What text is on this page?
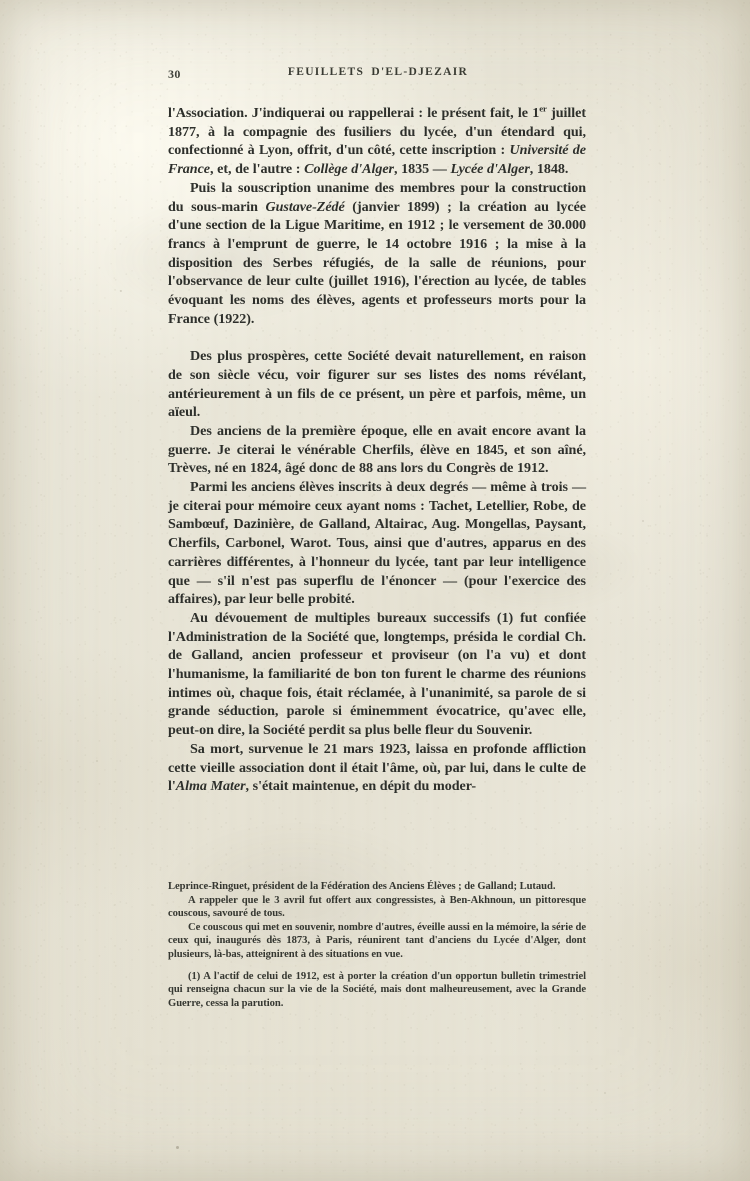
30	FEUILLETS D'EL-DJEZAIR

l'Association. J'indiquerai ou rappellerai : le présent fait, le 1er juillet 1877, à la compagnie des fusiliers du lycée, d'un étendard qui, confectionné à Lyon, offrit, d'un côté, cette inscription : Université de France, et, de l'autre : Collège d'Alger, 1835 — Lycée d'Alger, 1848.

Puis la souscription unanime des membres pour la construction du sous-marin Gustave-Zédé (janvier 1899) ; la création au lycée d'une section de la Ligue Maritime, en 1912 ; le versement de 30.000 francs à l'emprunt de guerre, le 14 octobre 1916 ; la mise à la disposition des Serbes réfugiés, de la salle de réunions, pour l'observance de leur culte (juillet 1916), l'érection au lycée, de tables évoquant les noms des élèves, agents et professeurs morts pour la France (1922).

Des plus prospères, cette Société devait naturellement, en raison de son siècle vécu, voir figurer sur ses listes des noms révélant, antérieurement à un fils de ce présent, un père et parfois, même, un aïeul.

Des anciens de la première époque, elle en avait encore avant la guerre. Je citerai le vénérable Cherfils, élève en 1845, et son aîné, Trèves, né en 1824, âgé donc de 88 ans lors du Congrès de 1912.

Parmi les anciens élèves inscrits à deux degrés — même à trois — je citerai pour mémoire ceux ayant noms : Tachet, Letellier, Robe, de Sambœuf, Dazinière, de Galland, Altairac, Aug. Mongellas, Paysant, Cherfils, Carbonel, Warot. Tous, ainsi que d'autres, apparus en des carrières différentes, à l'honneur du lycée, tant par leur intelligence que — s'il n'est pas superflu de l'énoncer — (pour l'exercice des affaires), par leur belle probité.

Au dévouement de multiples bureaux successifs (1) fut confiée l'Administration de la Société que, longtemps, présida le cordial Ch. de Galland, ancien professeur et proviseur (on l'a vu) et dont l'humanisme, la familiarité de bon ton furent le charme des réunions intimes où, chaque fois, était réclamée, à l'unanimité, sa parole de si grande séduction, parole si éminemment évocatrice, qu'avec elle, peut-on dire, la Société perdit sa plus belle fleur du Souvenir.

Sa mort, survenue le 21 mars 1923, laissa en profonde affliction cette vieille association dont il était l'âme, où, par lui, dans le culte de l'Alma Mater, s'était maintenue, en dépit du moder-

Leprince-Ringuet, président de la Fédération des Anciens Élèves ; de Galland; Lutaud.

A rappeler que le 3 avril fut offert aux congressistes, à Ben-Akhnoun, un pittoresque couscous, savouré de tous.

Ce couscous qui met en souvenir, nombre d'autres, éveille aussi en la mémoire, la série de ceux qui, inaugurés dès 1873, à Paris, réunirent tant d'anciens du Lycée d'Alger, dont plusieurs, là-bas, atteignirent à des situations en vue.

(1) A l'actif de celui de 1912, est à porter la création d'un opportun bulletin trimestriel qui renseigna chacun sur la vie de la Société, mais dont malheureusement, avec la Grande Guerre, cessa la parution.
